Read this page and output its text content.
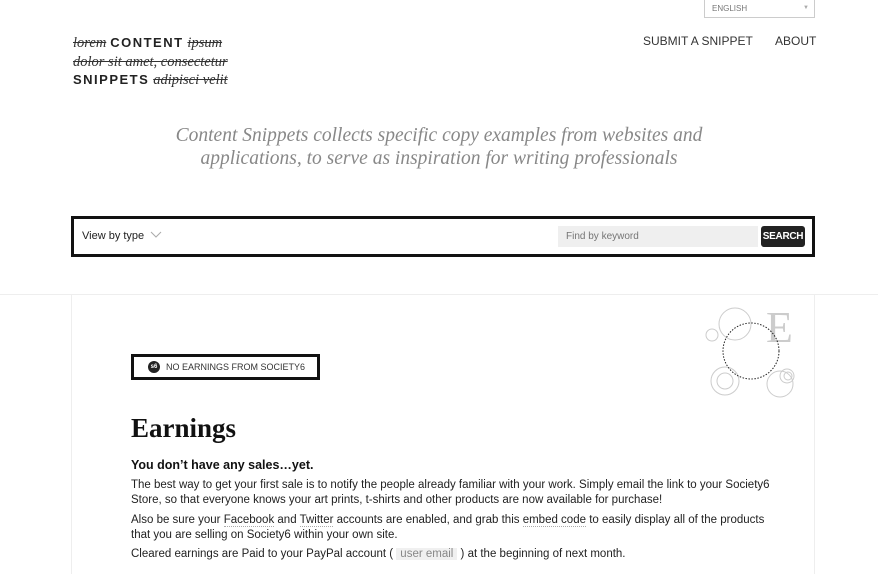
ENGLISH	▼
SUBMIT A SNIPPET ABOUT
lorem CONTENT ipsum
dolor sit amet, consectetur
SNIPPETS adipisci velit
Content Snippets collects specific copy examples from websites and
applications, to serve as inspiration for writing professionals
View by type
Find by keyword	SEARCH
E
s6 NO EARNINGS FROM SOCIETY6
Earnings
You don’t have any sales…yet.

The best way to get your first sale is to notify the people already familiar with your work. Simply email the link to your Society6 Store, so that everyone knows your art prints, t-shirts and other products are now available for purchase!

Also be sure your Facebook and Twitter accounts are enabled, and grab this embed code to easily display all of the products that you are selling on Society6 within your own site.

Cleared earnings are Paid to your PayPal account ( user email ) at the beginning of next month.
